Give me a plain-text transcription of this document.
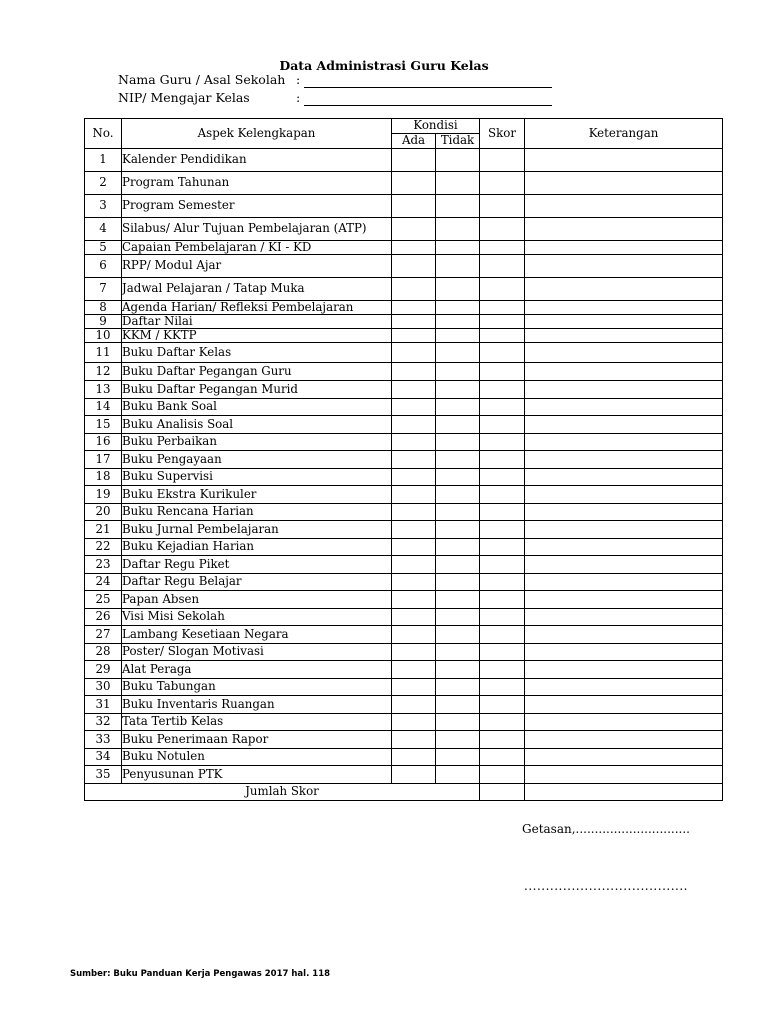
Data Administrasi Guru Kelas
Nama Guru / Asal Sekolah :
NIP/ Mengajar Kelas	:
No.	Aspek Kelengkapan	Kondisi		Skor	Keterangan
		Ada	Tidak		
1	Kalender Pendidikan				
2	Program Tahunan				
3	Program Semester				
4	Silabus/ Alur Tujuan Pembelajaran (ATP)				
5	Capaian Pembelajaran / KI - KD				
6	RPP/ Modul Ajar				
7	Jadwal Pelajaran / Tatap Muka				
8	Agenda Harian/ Refleksi Pembelajaran				
9	Daftar Nilai				
10	KKM / KKTP				
11	Buku Daftar Kelas				
12	Buku Daftar Pegangan Guru				
13	Buku Daftar Pegangan Murid				
14	Buku Bank Soal				
15	Buku Analisis Soal				
16	Buku Perbaikan				
17	Buku Pengayaan				
18	Buku Supervisi				
19	Buku Ekstra Kurikuler				
20	Buku Rencana Harian				
21	Buku Jurnal Pembelajaran				
22	Buku Kejadian Harian				
23	Daftar Regu Piket				
24	Daftar Regu Belajar				
25	Papan Absen				
26	Visi Misi Sekolah				
27	Lambang Kesetiaan Negara				
28	Poster/ Slogan Motivasi				
29	Alat Peraga				
30	Buku Tabungan				
31	Buku Inventaris Ruangan				
32	Tata Tertib Kelas				
33	Buku Penerimaan Rapor				
34	Buku Notulen				
35	Penyusunan PTK				
Jumlah Skor					
Getasan,..............................
......................................
Sumber: Buku Panduan Kerja Pengawas 2017 hal. 118
